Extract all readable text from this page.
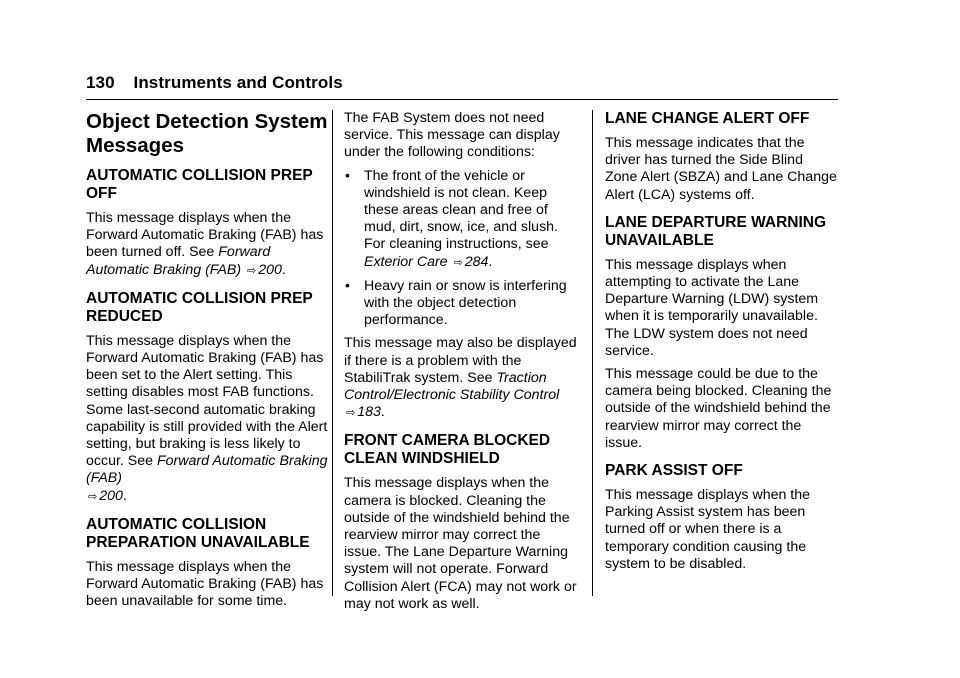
130 Instruments and Controls
Object Detection System Messages
AUTOMATIC COLLISION PREP OFF

This message displays when the Forward Automatic Braking (FAB) has been turned off. See Forward Automatic Braking (FAB) ⇨ 200.

AUTOMATIC COLLISION PREP REDUCED

This message displays when the Forward Automatic Braking (FAB) has been set to the Alert setting. This setting disables most FAB functions. Some last-second automatic braking capability is still provided with the Alert setting, but braking is less likely to occur. See Forward Automatic Braking (FAB)
⇨ 200.

AUTOMATIC COLLISION PREPARATION UNAVAILABLE

This message displays when the Forward Automatic Braking (FAB) has been unavailable for some time.

The FAB System does not need service. This message can display under the following conditions:

• The front of the vehicle or windshield is not clean. Keep these areas clean and free of mud, dirt, snow, ice, and slush. For cleaning instructions, see Exterior Care ⇨ 284.
• Heavy rain or snow is interfering with the object detection performance.

This message may also be displayed if there is a problem with the StabiliTrak system. See Traction Control/Electronic Stability Control
⇨ 183.

FRONT CAMERA BLOCKED CLEAN WINDSHIELD

This message displays when the camera is blocked. Cleaning the outside of the windshield behind the rearview mirror may correct the issue. The Lane Departure Warning system will not operate. Forward Collision Alert (FCA) may not work or may not work as well.

LANE CHANGE ALERT OFF

This message indicates that the driver has turned the Side Blind Zone Alert (SBZA) and Lane Change Alert (LCA) systems off.

LANE DEPARTURE WARNING UNAVAILABLE

This message displays when attempting to activate the Lane Departure Warning (LDW) system when it is temporarily unavailable. The LDW system does not need service.

This message could be due to the camera being blocked. Cleaning the outside of the windshield behind the rearview mirror may correct the issue.

PARK ASSIST OFF

This message displays when the Parking Assist system has been turned off or when there is a temporary condition causing the system to be disabled.
